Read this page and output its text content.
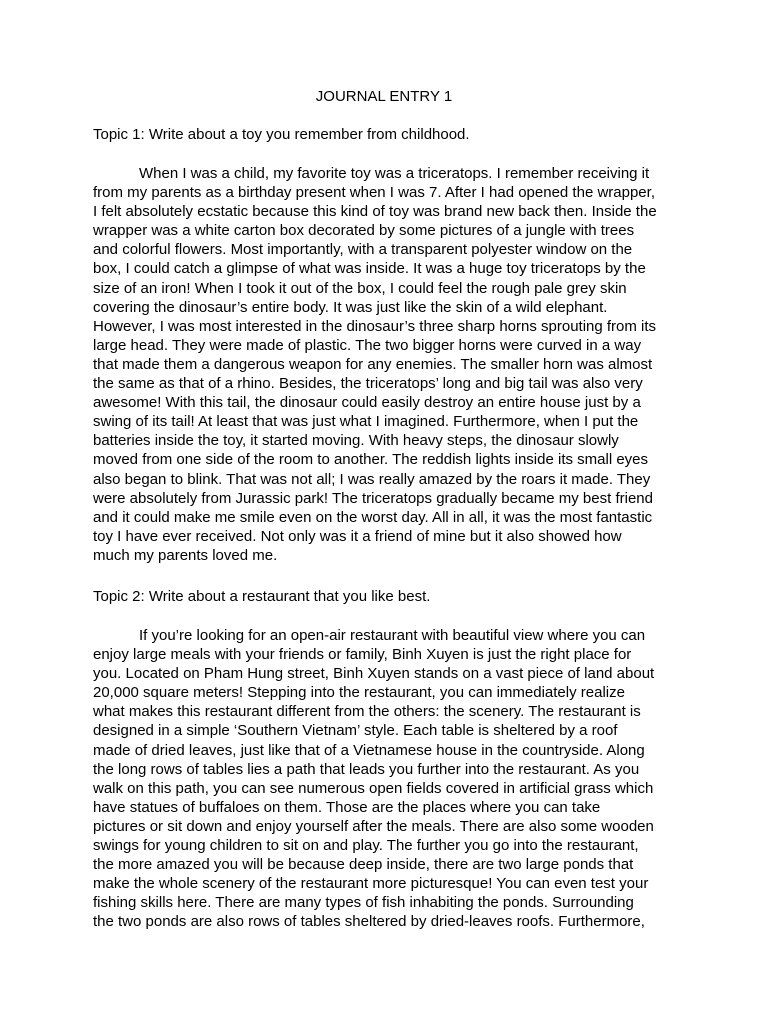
JOURNAL ENTRY 1
Topic 1: Write about a toy you remember from childhood.
When I was a child, my favorite toy was a triceratops. I remember receiving it
from my parents as a birthday present when I was 7. After I had opened the wrapper,
I felt absolutely ecstatic because this kind of toy was brand new back then. Inside the
wrapper was a white carton box decorated by some pictures of a jungle with trees
and colorful flowers. Most importantly, with a transparent polyester window on the
box, I could catch a glimpse of what was inside. It was a huge toy triceratops by the
size of an iron! When I took it out of the box, I could feel the rough pale grey skin
covering the dinosaur’s entire body. It was just like the skin of a wild elephant.
However, I was most interested in the dinosaur’s three sharp horns sprouting from its
large head. They were made of plastic. The two bigger horns were curved in a way
that made them a dangerous weapon for any enemies. The smaller horn was almost
the same as that of a rhino. Besides, the triceratops’ long and big tail was also very
awesome! With this tail, the dinosaur could easily destroy an entire house just by a
swing of its tail! At least that was just what I imagined. Furthermore, when I put the
batteries inside the toy, it started moving. With heavy steps, the dinosaur slowly
moved from one side of the room to another. The reddish lights inside its small eyes
also began to blink. That was not all; I was really amazed by the roars it made. They
were absolutely from Jurassic park! The triceratops gradually became my best friend
and it could make me smile even on the worst day. All in all, it was the most fantastic
toy I have ever received. Not only was it a friend of mine but it also showed how
much my parents loved me.
Topic 2: Write about a restaurant that you like best.
If you’re looking for an open-air restaurant with beautiful view where you can
enjoy large meals with your friends or family, Binh Xuyen is just the right place for
you. Located on Pham Hung street, Binh Xuyen stands on a vast piece of land about
20,000 square meters! Stepping into the restaurant, you can immediately realize
what makes this restaurant different from the others: the scenery. The restaurant is
designed in a simple ‘Southern Vietnam’ style. Each table is sheltered by a roof
made of dried leaves, just like that of a Vietnamese house in the countryside. Along
the long rows of tables lies a path that leads you further into the restaurant. As you
walk on this path, you can see numerous open fields covered in artificial grass which
have statues of buffaloes on them. Those are the places where you can take
pictures or sit down and enjoy yourself after the meals. There are also some wooden
swings for young children to sit on and play. The further you go into the restaurant,
the more amazed you will be because deep inside, there are two large ponds that
make the whole scenery of the restaurant more picturesque! You can even test your
fishing skills here. There are many types of fish inhabiting the ponds. Surrounding
the two ponds are also rows of tables sheltered by dried-leaves roofs. Furthermore,
